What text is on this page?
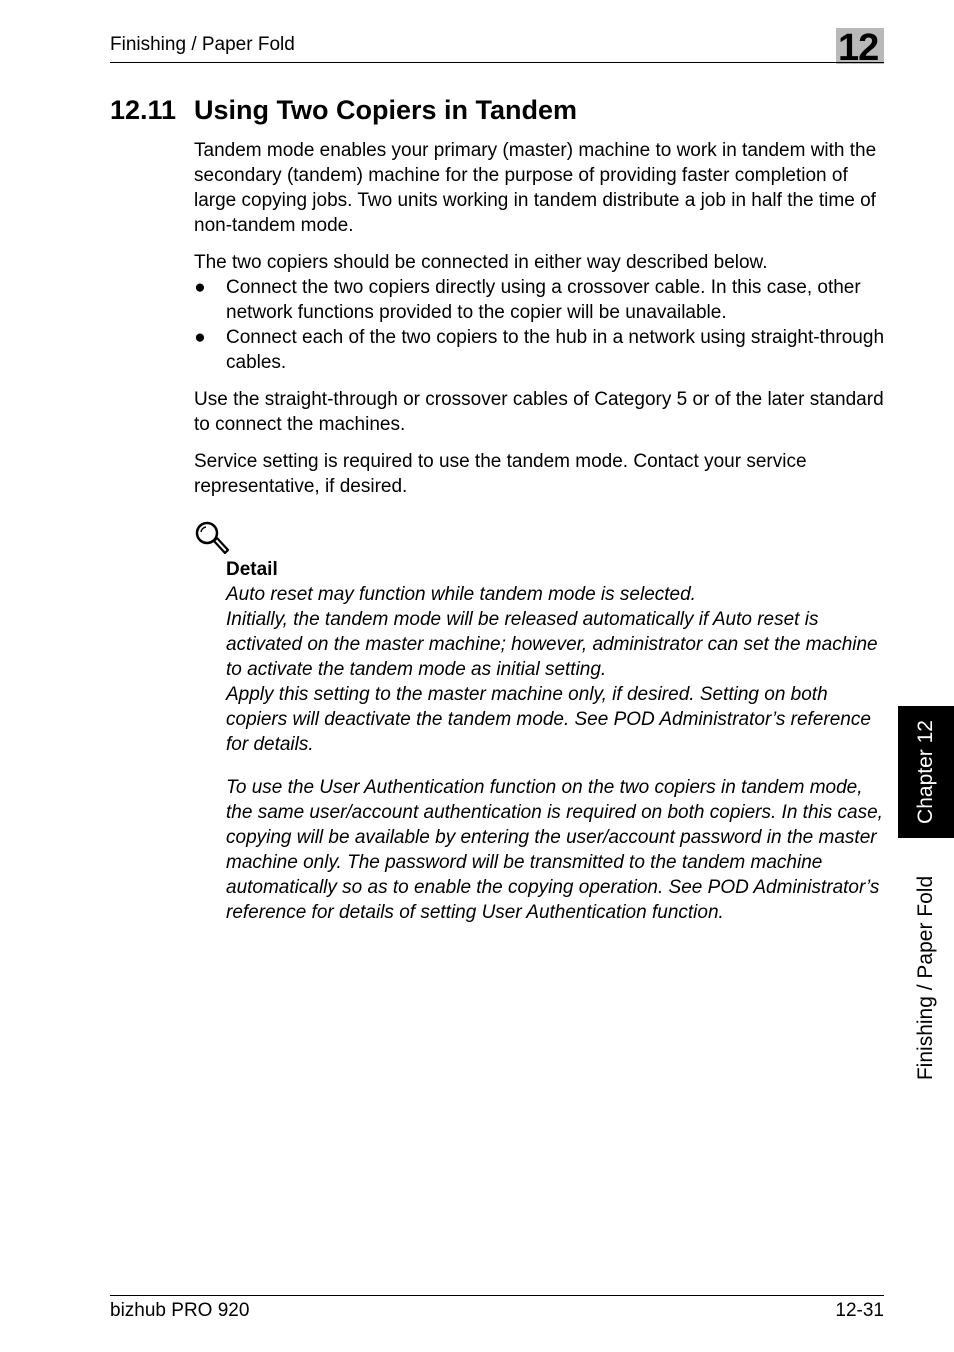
Finishing / Paper Fold	12
12.11 Using Two Copiers in Tandem

Tandem mode enables your primary (master) machine to work in tandem with the secondary (tandem) machine for the purpose of providing faster completion of large copying jobs. Two units working in tandem distribute a job in half the time of non-tandem mode.

The two copiers should be connected in either way described below.

● Connect the two copiers directly using a crossover cable. In this case, other network functions provided to the copier will be unavailable.
● Connect each of the two copiers to the hub in a network using straight-through cables.

Use the straight-through or crossover cables of Category 5 or of the later standard to connect the machines.

Service setting is required to use the tandem mode. Contact your service representative, if desired.

Detail
Auto reset may function while tandem mode is selected.
Initially, the tandem mode will be released automatically if Auto reset is activated on the master machine; however, administrator can set the machine to activate the tandem mode as initial setting.
Apply this setting to the master machine only, if desired. Setting on both copiers will deactivate the tandem mode. See POD Administrator’s reference for details.
To use the User Authentication function on the two copiers in tandem mode, the same user/account authentication is required on both copiers. In this case, copying will be available by entering the user/account password in the master machine only. The password will be transmitted to the tandem machine automatically so as to enable the copying operation. See POD Administrator’s reference for details of setting User Authentication function.
Chapter 12
Finishing / Paper Fold
bizhub PRO 920	12-31
